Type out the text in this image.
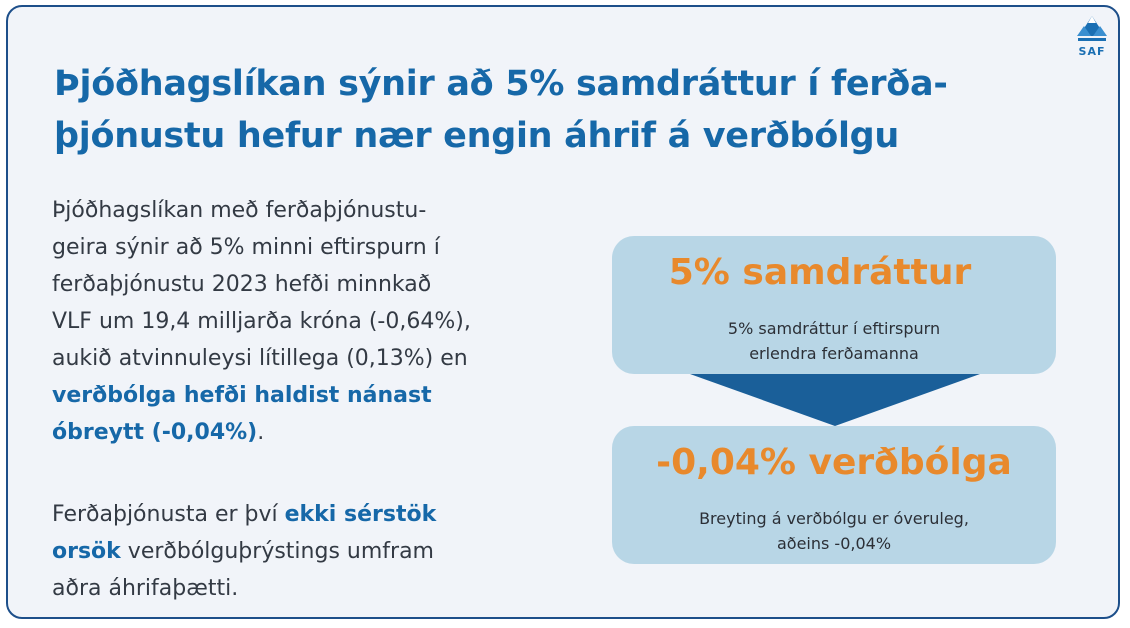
SAF
Þjóðhagslíkan sýnir að 5% samdráttur í ferða-
þjónustu hefur nær engin áhrif á verðbólgu
Þjóðhagslíkan með ferðaþjónustu-
geira sýnir að 5% minni eftirspurn í
ferðaþjónustu 2023 hefði minnkað
VLF um 19,4 milljarða króna (-0,64%),
aukið atvinnuleysi lítillega (0,13%) en
verðbólga hefði haldist nánast
óbreytt (-0,04%).
Ferðaþjónusta er því ekki sérstök
orsök verðbólguþrýstings umfram
aðra áhrifaþætti.
5% samdráttur
5% samdráttur í eftirspurn
erlendra ferðamanna
-0,04% verðbólga
Breyting á verðbólgu er óveruleg,
aðeins -0,04%
